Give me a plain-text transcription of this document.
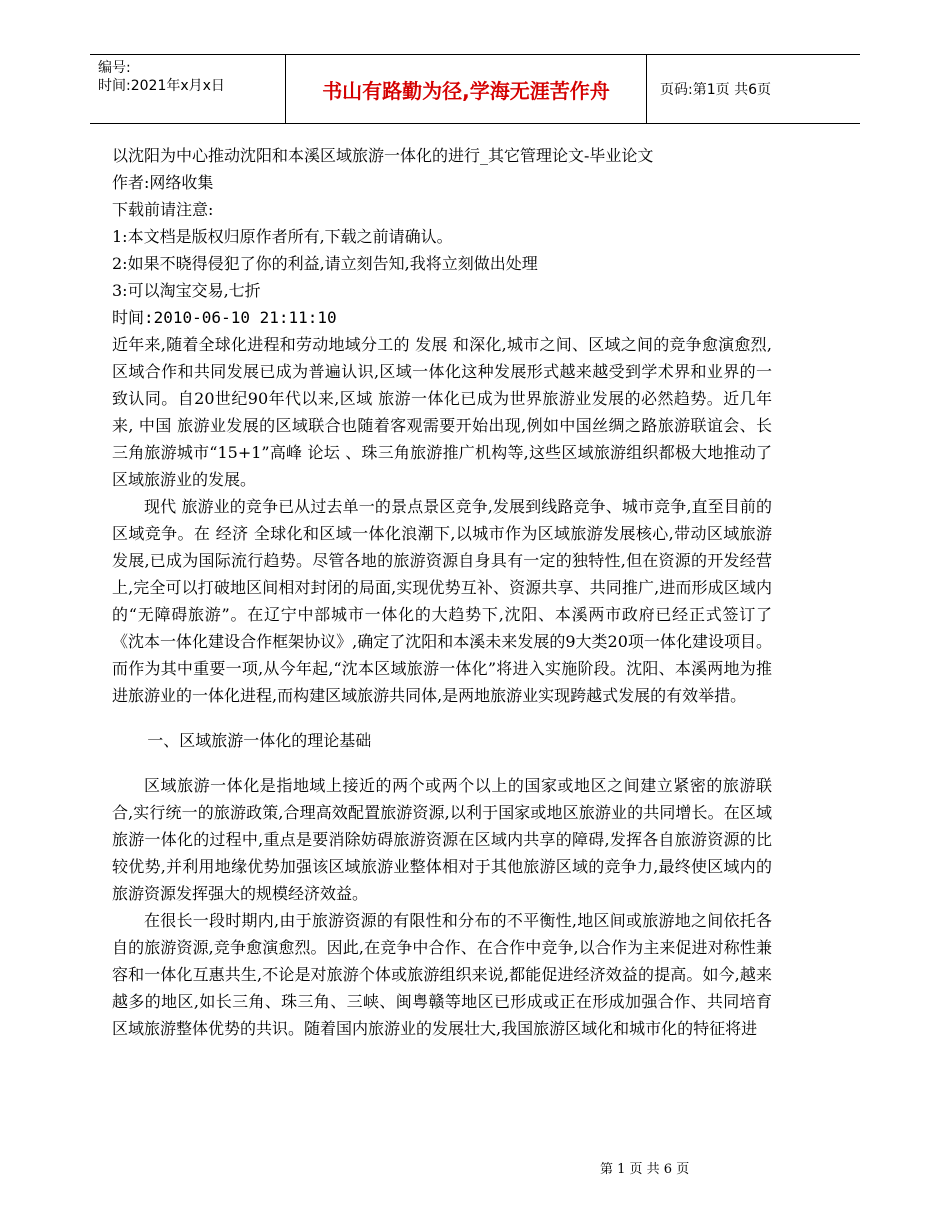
编号:
时间:2021年x月x日	书山有路勤为径,学海无涯苦作舟	页码:第1页 共6页
以沈阳为中心推动沈阳和本溪区域旅游一体化的进行_其它管理论文-毕业论文
作者:网络收集
下载前请注意:
1:本文档是版权归原作者所有,下载之前请确认。
2:如果不晓得侵犯了你的利益,请立刻告知,我将立刻做出处理
3:可以淘宝交易,七折
时间:2010-06-10 21:11:10
近年来,随着全球化进程和劳动地域分工的 发展 和深化,城市之间、区域之间的竞争愈演愈烈,区域合作和共同发展已成为普遍认识,区域一体化这种发展形式越来越受到学术界和业界的一致认同。自20世纪90年代以来,区域 旅游一体化已成为世界旅游业发展的必然趋势。近几年来, 中国 旅游业发展的区域联合也随着客观需要开始出现,例如中国丝绸之路旅游联谊会、长三角旅游城市“15+1”高峰 论坛 、珠三角旅游推广机构等,这些区域旅游组织都极大地推动了区域旅游业的发展。
现代 旅游业的竞争已从过去单一的景点景区竞争,发展到线路竞争、城市竞争,直至目前的区域竞争。在 经济 全球化和区域一体化浪潮下,以城市作为区域旅游发展核心,带动区域旅游发展,已成为国际流行趋势。尽管各地的旅游资源自身具有一定的独特性,但在资源的开发经营上,完全可以打破地区间相对封闭的局面,实现优势互补、资源共享、共同推广,进而形成区域内的“无障碍旅游”。在辽宁中部城市一体化的大趋势下,沈阳、本溪两市政府已经正式签订了《沈本一体化建设合作框架协议》,确定了沈阳和本溪未来发展的9大类20项一体化建设项目。而作为其中重要一项,从今年起,“沈本区域旅游一体化”将进入实施阶段。沈阳、本溪两地为推进旅游业的一体化进程,而构建区域旅游共同体,是两地旅游业实现跨越式发展的有效举措。
一、区域旅游一体化的理论基础
区域旅游一体化是指地域上接近的两个或两个以上的国家或地区之间建立紧密的旅游联合,实行统一的旅游政策,合理高效配置旅游资源,以利于国家或地区旅游业的共同增长。在区域旅游一体化的过程中,重点是要消除妨碍旅游资源在区域内共享的障碍,发挥各自旅游资源的比较优势,并利用地缘优势加强该区域旅游业整体相对于其他旅游区域的竞争力,最终使区域内的旅游资源发挥强大的规模经济效益。
在很长一段时期内,由于旅游资源的有限性和分布的不平衡性,地区间或旅游地之间依托各自的旅游资源,竞争愈演愈烈。因此,在竞争中合作、在合作中竞争,以合作为主来促进对称性兼容和一体化互惠共生,不论是对旅游个体或旅游组织来说,都能促进经济效益的提高。如今,越来越多的地区,如长三角、珠三角、三峡、闽粤赣等地区已形成或正在形成加强合作、共同培育区域旅游整体优势的共识。随着国内旅游业的发展壮大,我国旅游区域化和城市化的特征将进
第 1 页 共 6 页
